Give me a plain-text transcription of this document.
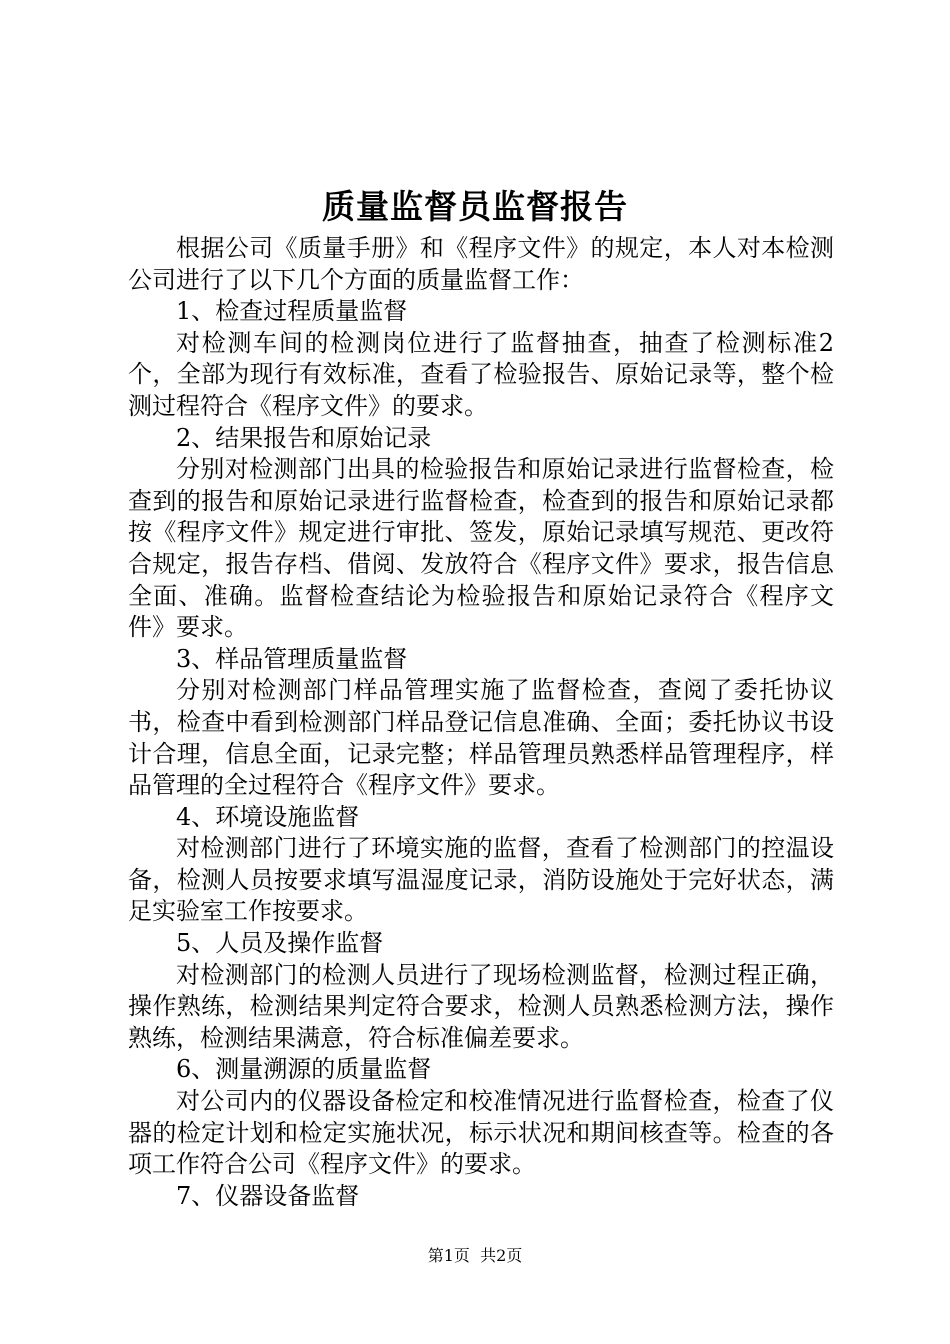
质量监督员监督报告

根据公司《质量手册》和《程序文件》的规定，本人对本检测公司进行了以下几个方面的质量监督工作：

1、检查过程质量监督

对检测车间的检测岗位进行了监督抽查，抽查了检测标准2个，全部为现行有效标准，查看了检验报告、原始记录等，整个检测过程符合《程序文件》的要求。

2、结果报告和原始记录

分别对检测部门出具的检验报告和原始记录进行监督检查，检查到的报告和原始记录进行监督检查，检查到的报告和原始记录都按《程序文件》规定进行审批、签发，原始记录填写规范、更改符合规定，报告存档、借阅、发放符合《程序文件》要求，报告信息全面、准确。监督检查结论为检验报告和原始记录符合《程序文件》要求。

3、样品管理质量监督

分别对检测部门样品管理实施了监督检查，查阅了委托协议书，检查中看到检测部门样品登记信息准确、全面；委托协议书设计合理，信息全面，记录完整；样品管理员熟悉样品管理程序，样品管理的全过程符合《程序文件》要求。

4、环境设施监督

对检测部门进行了环境实施的监督，查看了检测部门的控温设备，检测人员按要求填写温湿度记录，消防设施处于完好状态，满足实验室工作按要求。

5、人员及操作监督

对检测部门的检测人员进行了现场检测监督，检测过程正确，操作熟练，检测结果判定符合要求，检测人员熟悉检测方法，操作熟练，检测结果满意，符合标准偏差要求。

6、测量溯源的质量监督

对公司内的仪器设备检定和校准情况进行监督检查，检查了仪器的检定计划和检定实施状况，标示状况和期间核查等。检查的各项工作符合公司《程序文件》的要求。

7、仪器设备监督

第1页 共2页
